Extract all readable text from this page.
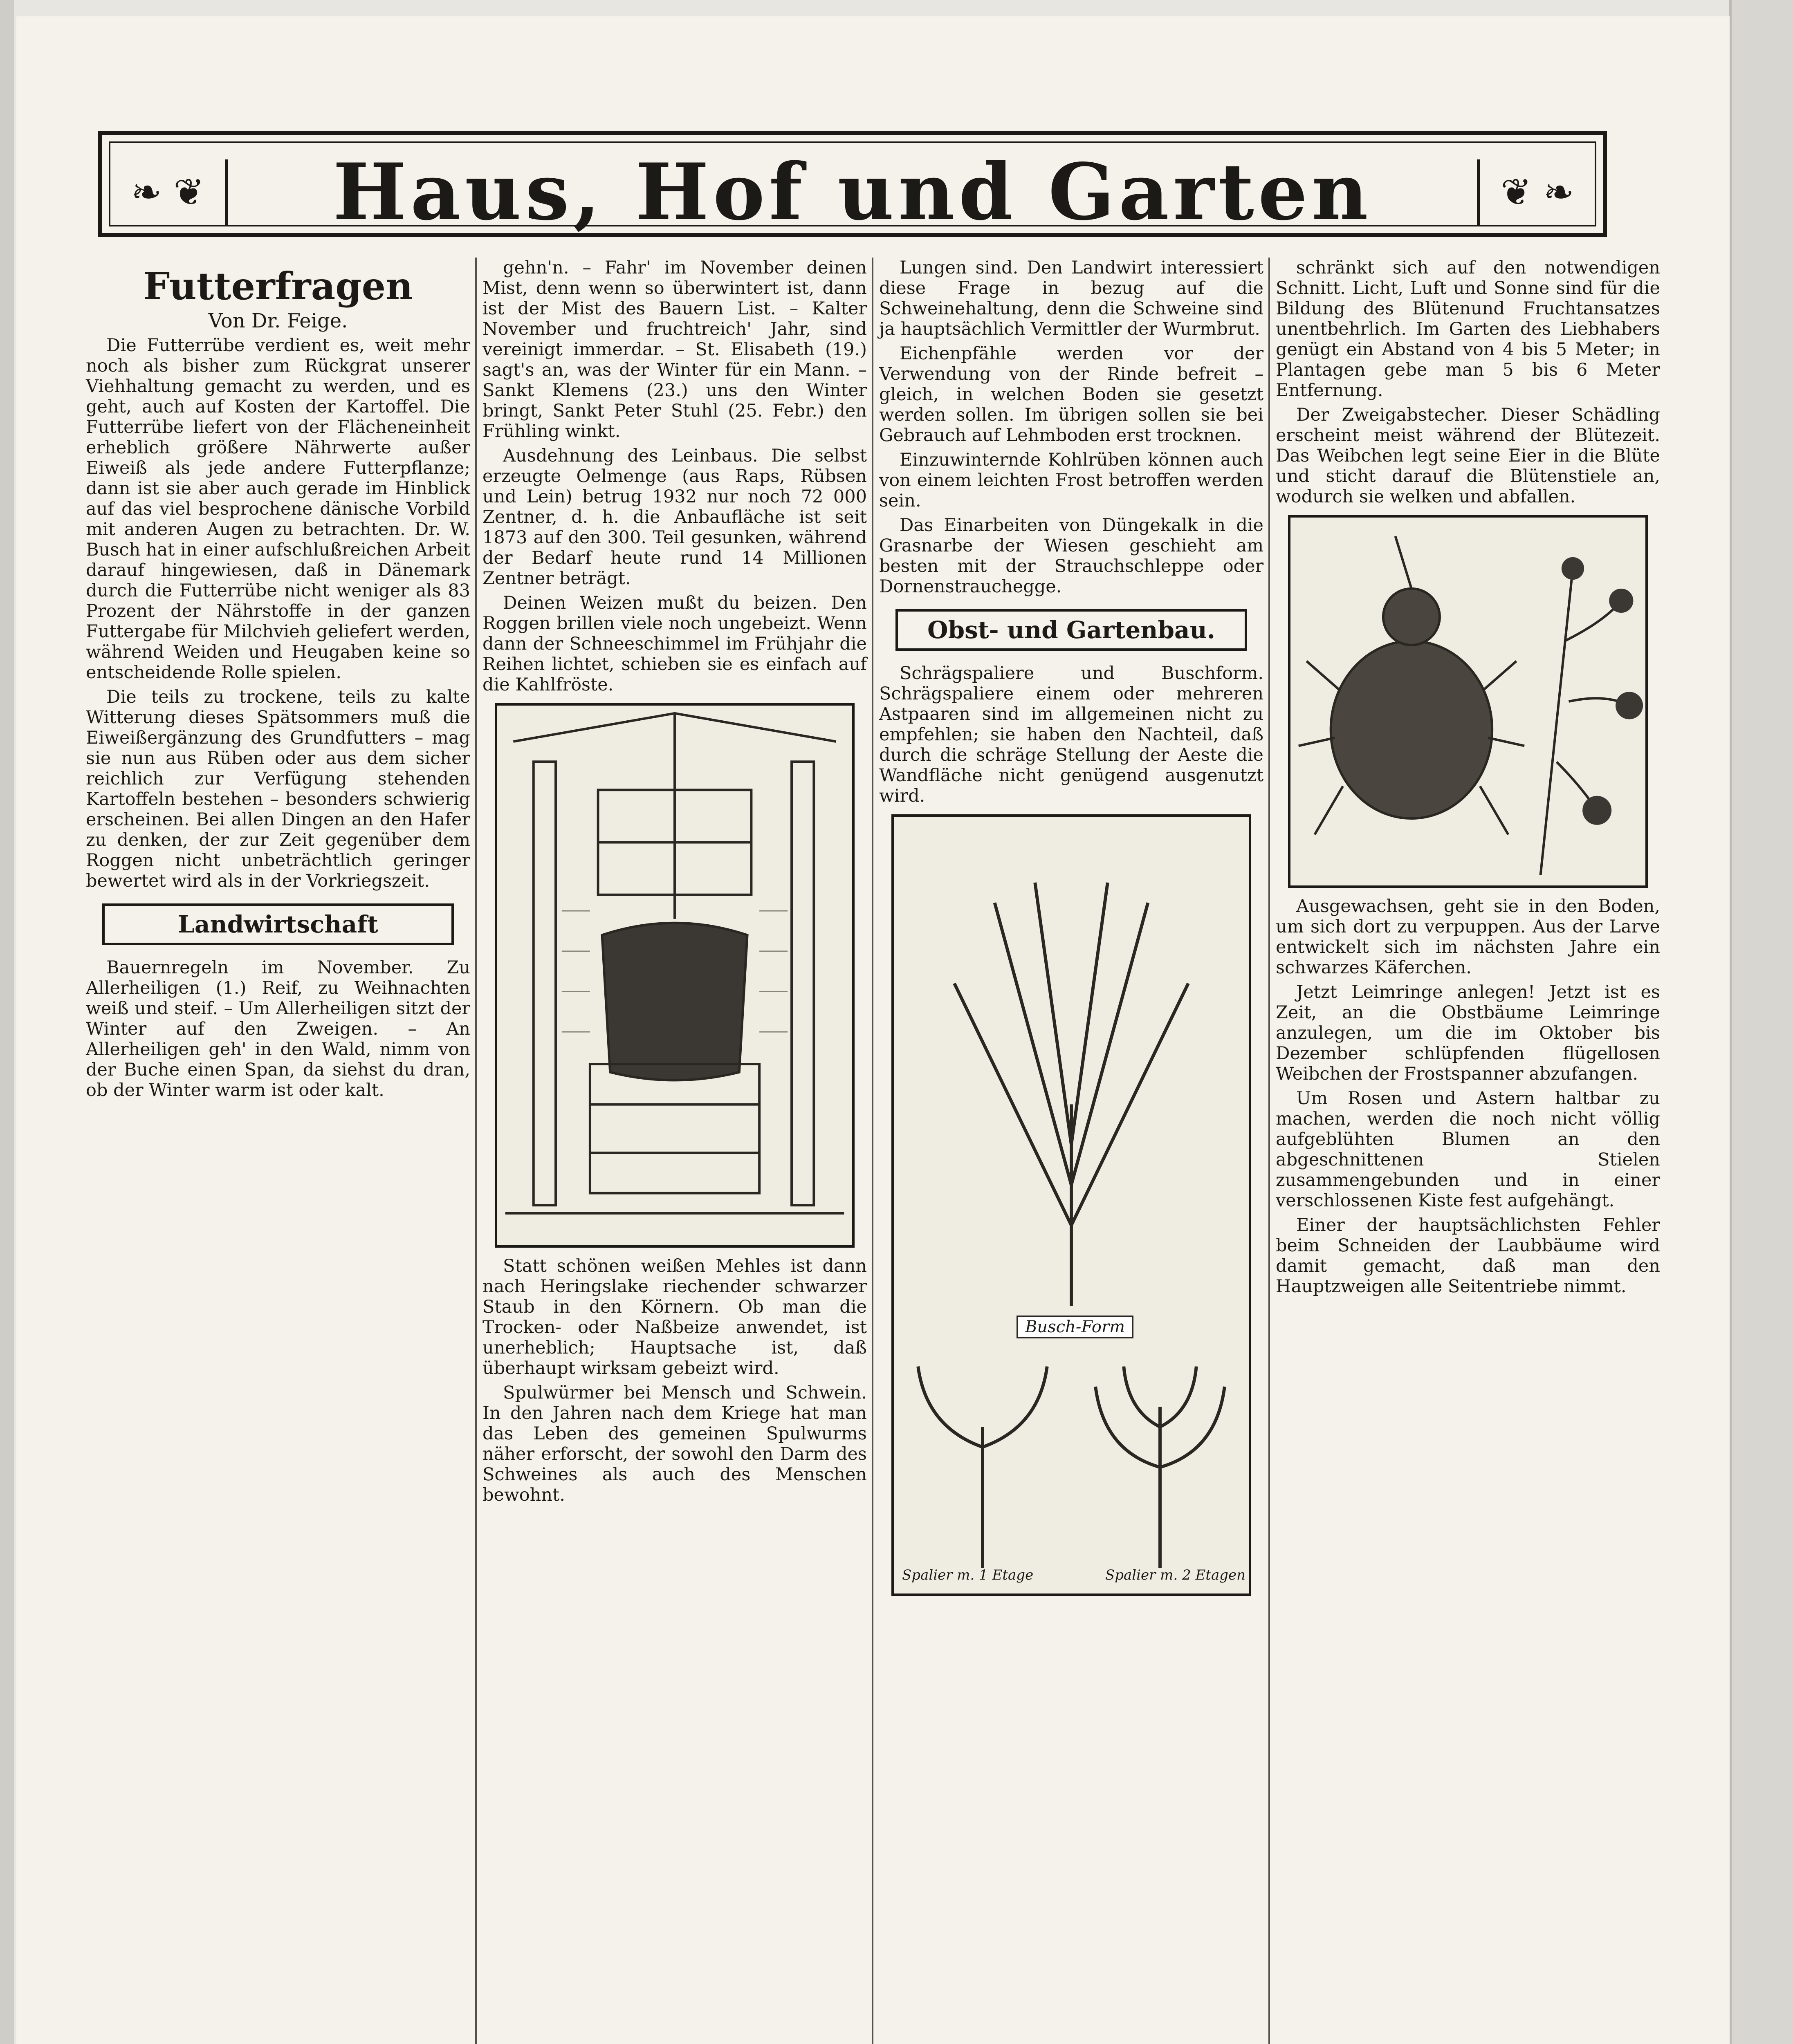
❧ ❦	Haus, Hof und Garten	❦ ❧
Futterfragen
Von Dr. Feige.

Die Futterrübe verdient es, weit mehr noch als bisher zum Rückgrat unserer Viehhaltung gemacht zu werden, und es geht, auch auf Kosten der Kartoffel. Die Futterrübe liefert von der Flächeneinheit erheblich größere Nährwerte außer Eiweiß als jede andere Futterpflanze; dann ist sie aber auch gerade im Hinblick auf das viel besprochene dänische Vorbild mit anderen Augen zu betrachten. Dr. W. Busch hat in einer aufschlußreichen Arbeit darauf hingewiesen, daß in Dänemark durch die Futterrübe nicht weniger als 83 Prozent der Nährstoffe in der ganzen Futtergabe für Milchvieh geliefert werden, während Weiden und Heugaben keine so entscheidende Rolle spielen.

Die teils zu trockene, teils zu kalte Witterung dieses Spätsommers muß die Eiweißergänzung des Grundfutters – mag sie nun aus Rüben oder aus dem sicher reichlich zur Verfügung stehenden Kartoffeln bestehen – besonders schwierig erscheinen. Bei allen Dingen an den Hafer zu denken, der zur Zeit gegenüber dem Roggen nicht unbeträchtlich geringer bewertet wird als in der Vorkriegszeit.

Landwirtschaft

Bauernregeln im November. Zu Allerheiligen (1.) Reif, zu Weihnachten weiß und steif. – Um Allerheiligen sitzt der Winter auf den Zweigen. – An Allerheiligen geh' in den Wald, nimm von der Buche einen Span, da siehst du dran, ob der Winter warm ist oder kalt.

gehn'n. – Fahr' im November deinen Mist, denn wenn so überwintert ist, dann ist der Mist des Bauern List. – Kalter November und fruchtreich' Jahr, sind vereinigt immerdar. – St. Elisabeth (19.) sagt's an, was der Winter für ein Mann. – Sankt Klemens (23.) uns den Winter bringt, Sankt Peter Stuhl (25. Febr.) den Frühling winkt.

Ausdehnung des Leinbaus. Die selbst erzeugte Oelmenge (aus Raps, Rübsen und Lein) betrug 1932 nur noch 72 000 Zentner, d. h. die Anbaufläche ist seit 1873 auf den 300. Teil gesunken, während der Bedarf heute rund 14 Millionen Zentner beträgt.

Deinen Weizen mußt du beizen. Den Roggen brillen viele noch ungebeizt. Wenn dann der Schneeschimmel im Frühjahr die Reihen lichtet, schieben sie es einfach auf die Kahlfröste.

Statt schönen weißen Mehles ist dann nach Heringslake riechender schwarzer Staub in den Körnern. Ob man die Trocken- oder Naßbeize anwendet, ist unerheblich; Hauptsache ist, daß überhaupt wirksam gebeizt wird.

Spulwürmer bei Mensch und Schwein. In den Jahren nach dem Kriege hat man das Leben des gemeinen Spulwurms näher erforscht, der sowohl den Darm des Schweines als auch des Menschen bewohnt.

Lungen sind. Den Landwirt interessiert diese Frage in bezug auf die Schweinehaltung, denn die Schweine sind ja hauptsächlich Vermittler der Wurmbrut.

Eichenpfähle werden vor der Verwendung von der Rinde befreit – gleich, in welchen Boden sie gesetzt werden sollen. Im übrigen sollen sie bei Gebrauch auf Lehmboden erst trocknen.

Einzuwinternde Kohlrüben können auch von einem leichten Frost betroffen werden sein.

Das Einarbeiten von Düngekalk in die Grasnarbe der Wiesen geschieht am besten mit der Strauchschleppe oder Dornenstrauchegge.

Obst- und Gartenbau.

Schrägspaliere und Buschform. Schrägspaliere einem oder mehreren Astpaaren sind im allgemeinen nicht zu empfehlen; sie haben den Nachteil, daß durch die schräge Stellung der Aeste die Wandfläche nicht genügend ausgenutzt wird.

Busch-Form
Spalier m. 1 Etage	Spalier m. 2 Etagen

schränkt sich auf den notwendigen Schnitt. Licht, Luft und Sonne sind für die Bildung des Blütenund Fruchtansatzes unentbehrlich. Im Garten des Liebhabers genügt ein Abstand von 4 bis 5 Meter; in Plantagen gebe man 5 bis 6 Meter Entfernung.

Der Zweigabstecher. Dieser Schädling erscheint meist während der Blütezeit. Das Weibchen legt seine Eier in die Blüte und sticht darauf die Blütenstiele an, wodurch sie welken und abfallen.

Ausgewachsen, geht sie in den Boden, um sich dort zu verpuppen. Aus der Larve entwickelt sich im nächsten Jahre ein schwarzes Käferchen.

Jetzt Leimringe anlegen! Jetzt ist es Zeit, an die Obstbäume Leimringe anzulegen, um die im Oktober bis Dezember schlüpfenden flügellosen Weibchen der Frostspanner abzufangen.

Um Rosen und Astern haltbar zu machen, werden die noch nicht völlig aufgeblühten Blumen an den abgeschnittenen Stielen zusammengebunden und in einer verschlossenen Kiste fest aufgehängt.

Einer der hauptsächlichsten Fehler beim Schneiden der Laubbäume wird damit gemacht, daß man den Hauptzweigen alle Seitentriebe nimmt.
